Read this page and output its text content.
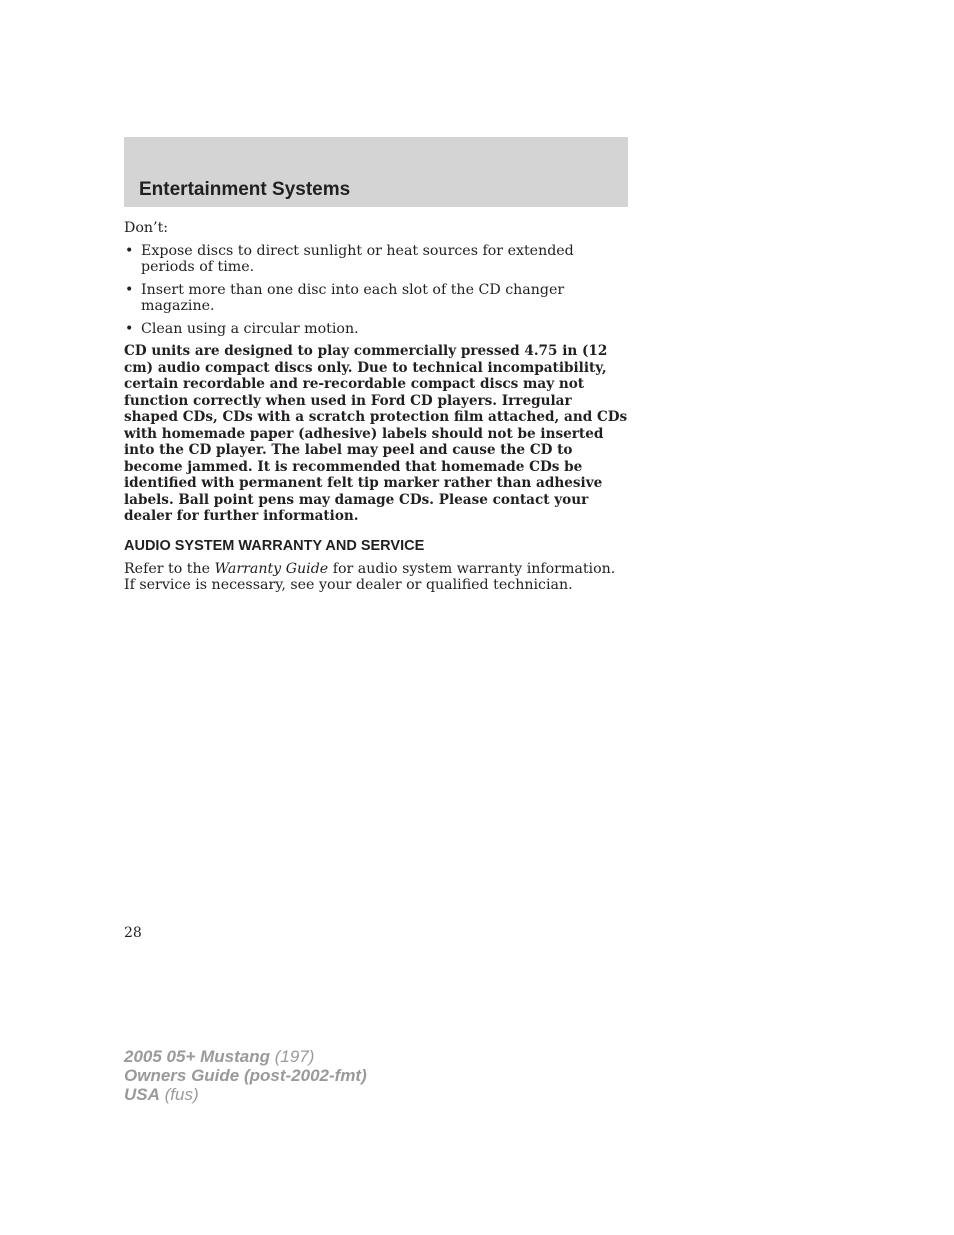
Entertainment Systems

Don’t:

• Expose discs to direct sunlight or heat sources for extended periods of time.
• Insert more than one disc into each slot of the CD changer magazine.
• Clean using a circular motion.

CD units are designed to play commercially pressed 4.75 in (12 cm) audio compact discs only. Due to technical incompatibility, certain recordable and re-recordable compact discs may not function correctly when used in Ford CD players. Irregular shaped CDs, CDs with a scratch protection film attached, and CDs with homemade paper (adhesive) labels should not be inserted into the CD player. The label may peel and cause the CD to become jammed. It is recommended that homemade CDs be identified with permanent felt tip marker rather than adhesive labels. Ball point pens may damage CDs. Please contact your dealer for further information.

AUDIO SYSTEM WARRANTY AND SERVICE

Refer to the Warranty Guide for audio system warranty information. If service is necessary, see your dealer or qualified technician.

28
2005 05+ Mustang (197)
Owners Guide (post-2002-fmt)
USA (fus)
